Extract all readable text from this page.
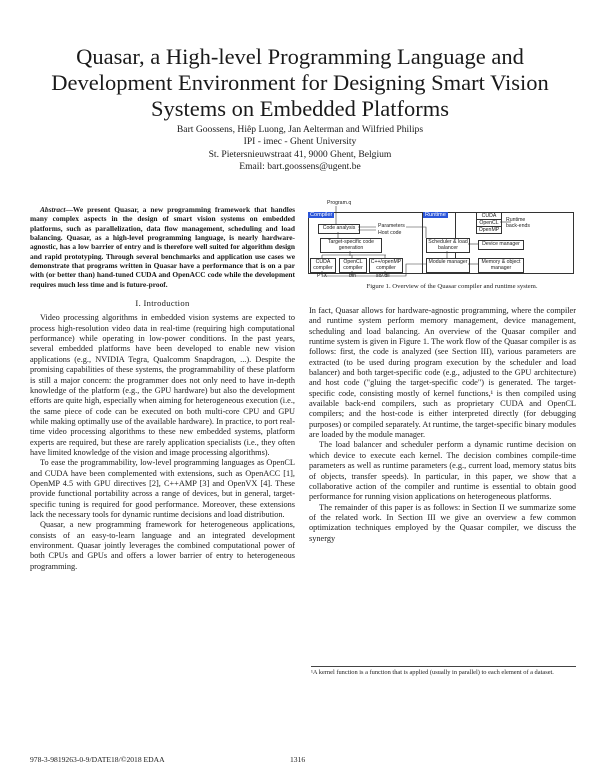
Quasar, a High-level Programming Language and Development Environment for Designing Smart Vision Systems on Embedded Platforms
Bart Goossens, Hiêp Luong, Jan Aelterman and Wilfried Philips
IPI - imec - Ghent University
St. Pietersnieuwstraat 41, 9000 Ghent, Belgium
Email: bart.goossens@ugent.be
Abstract—We present Quasar, a new programming framework that handles many complex aspects in the design of smart vision systems on embedded platforms, such as parallelization, data flow management, scheduling and load balancing. Quasar, as a high-level programming language, is nearly hardware-agnostic, has a low barrier of entry and is therefore well suited for algorithm design and rapid prototyping. Through several benchmarks and application use cases we demonstrate that programs written in Quasar have a performance that is on a par with (or better than) hand-tuned CUDA and OpenACC code while the development requires much less time and is future-proof.
I. Introduction

Video processing algorithms in embedded vision systems are expected to process high-resolution video data in real-time (requiring high computational performance) while operating in low-power conditions. In the past years, several embedded platforms have been developed to enable new vision applications (e.g., NVIDIA Tegra, Qualcomm Snapdragon, ...). Despite the promising capabilities of these systems, the programmability of these platform is still a major concern: the programmer does not only need to have in-depth knowledge of the platform (e.g., the GPU hardware) but also the development efforts are quite high, especially when aiming for heterogeneous execution (i.e., the same piece of code can be executed on both multi-core CPU and GPU while making optimally use of the available hardware). In practice, to port real-time video processing algorithms to these new embedded systems, platform experts are required, but these are rarely application specialists (i.e., they often have limited knowledge of the vision and image processing algorithms).

To ease the programmability, low-level programming languages as OpenCL and CUDA have been complemented with extensions, such as OpenACC [1], OpenMP 4.5 with GPU directives [2], C++AMP [3] and OpenVX [4]. These provide functional portability across a range of devices, but in general, target-specific tuning is required for good performance. Moreover, these extensions lack the necessary tools for dynamic runtime decisions and load distribution.

Quasar, a new programming framework for heterogeneous applications, consists of an easy-to-learn language and an integrated development environment. Quasar jointly leverages the combined computational power of both CPUs and GPUs and offers a lower barrier of entry to heterogeneous programming.

Compiler	Runtime
Program.q
Code analysis	Parameters
Host code
Target-specific code generation
CUDA compiler
OpenCL compiler
C++/openMP compiler
PTX	bin	so/.dll
Scheduler & load balancer
Module manager
CUDA
OpenCL
OpenMP
Runtime back-ends
Device manager
Memory & object manager
Figure 1. Overview of the Quasar compiler and runtime system.

In fact, Quasar allows for hardware-agnostic programming, where the compiler and runtime system perform memory management, device management, scheduling and load balancing. An overview of the Quasar compiler and runtime system is given in Figure 1. The work flow of the Quasar compiler is as follows: first, the code is analyzed (see Section III), various parameters are extracted (to be used during program execution by the scheduler and load balancer) and both target-specific code (e.g., adjusted to the GPU architecture) and host code ("gluing the target-specific code") is generated. The target-specific code, consisting mostly of kernel functions,¹ is then compiled using available back-end compilers, such as proprietary CUDA and OpenCL compilers; and the host-code is either interpreted directly (for debugging purposes) or compiled separately. At runtime, the target-specific binary modules are loaded by the module manager.

The load balancer and scheduler perform a dynamic runtime decision on which device to execute each kernel. The decision combines compile-time parameters as well as runtime parameters (e.g., current load, memory status bits of objects, transfer speeds). In particular, in this paper, we show that a collaborative action of the compiler and runtime is essential to obtain good performance for running vision applications on heterogeneous platforms.

The remainder of this paper is as follows: in Section II we summarize some of the related work. In Section III we give an overview a few common optimization techniques employed by the Quasar compiler, we discuss the synergy

¹A kernel function is a function that is applied (usually in parallel) to each element of a dataset.
978-3-9819263-0-9/DATE18/©2018 EDAA	1316
